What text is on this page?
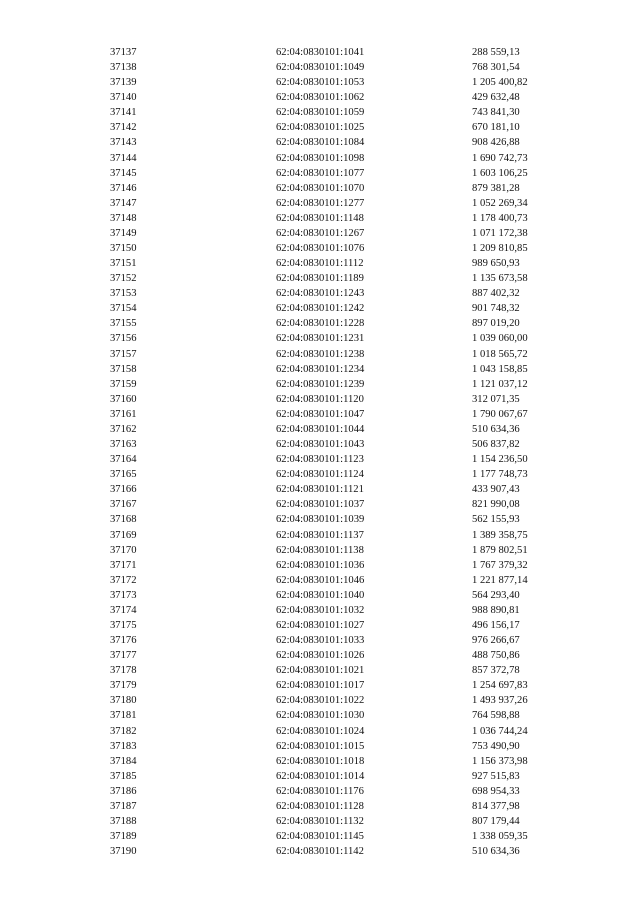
37137	62:04:0830101:1041	288 559,13
37138	62:04:0830101:1049	768 301,54
37139	62:04:0830101:1053	1 205 400,82
37140	62:04:0830101:1062	429 632,48
37141	62:04:0830101:1059	743 841,30
37142	62:04:0830101:1025	670 181,10
37143	62:04:0830101:1084	908 426,88
37144	62:04:0830101:1098	1 690 742,73
37145	62:04:0830101:1077	1 603 106,25
37146	62:04:0830101:1070	879 381,28
37147	62:04:0830101:1277	1 052 269,34
37148	62:04:0830101:1148	1 178 400,73
37149	62:04:0830101:1267	1 071 172,38
37150	62:04:0830101:1076	1 209 810,85
37151	62:04:0830101:1112	989 650,93
37152	62:04:0830101:1189	1 135 673,58
37153	62:04:0830101:1243	887 402,32
37154	62:04:0830101:1242	901 748,32
37155	62:04:0830101:1228	897 019,20
37156	62:04:0830101:1231	1 039 060,00
37157	62:04:0830101:1238	1 018 565,72
37158	62:04:0830101:1234	1 043 158,85
37159	62:04:0830101:1239	1 121 037,12
37160	62:04:0830101:1120	312 071,35
37161	62:04:0830101:1047	1 790 067,67
37162	62:04:0830101:1044	510 634,36
37163	62:04:0830101:1043	506 837,82
37164	62:04:0830101:1123	1 154 236,50
37165	62:04:0830101:1124	1 177 748,73
37166	62:04:0830101:1121	433 907,43
37167	62:04:0830101:1037	821 990,08
37168	62:04:0830101:1039	562 155,93
37169	62:04:0830101:1137	1 389 358,75
37170	62:04:0830101:1138	1 879 802,51
37171	62:04:0830101:1036	1 767 379,32
37172	62:04:0830101:1046	1 221 877,14
37173	62:04:0830101:1040	564 293,40
37174	62:04:0830101:1032	988 890,81
37175	62:04:0830101:1027	496 156,17
37176	62:04:0830101:1033	976 266,67
37177	62:04:0830101:1026	488 750,86
37178	62:04:0830101:1021	857 372,78
37179	62:04:0830101:1017	1 254 697,83
37180	62:04:0830101:1022	1 493 937,26
37181	62:04:0830101:1030	764 598,88
37182	62:04:0830101:1024	1 036 744,24
37183	62:04:0830101:1015	753 490,90
37184	62:04:0830101:1018	1 156 373,98
37185	62:04:0830101:1014	927 515,83
37186	62:04:0830101:1176	698 954,33
37187	62:04:0830101:1128	814 377,98
37188	62:04:0830101:1132	807 179,44
37189	62:04:0830101:1145	1 338 059,35
37190	62:04:0830101:1142	510 634,36
